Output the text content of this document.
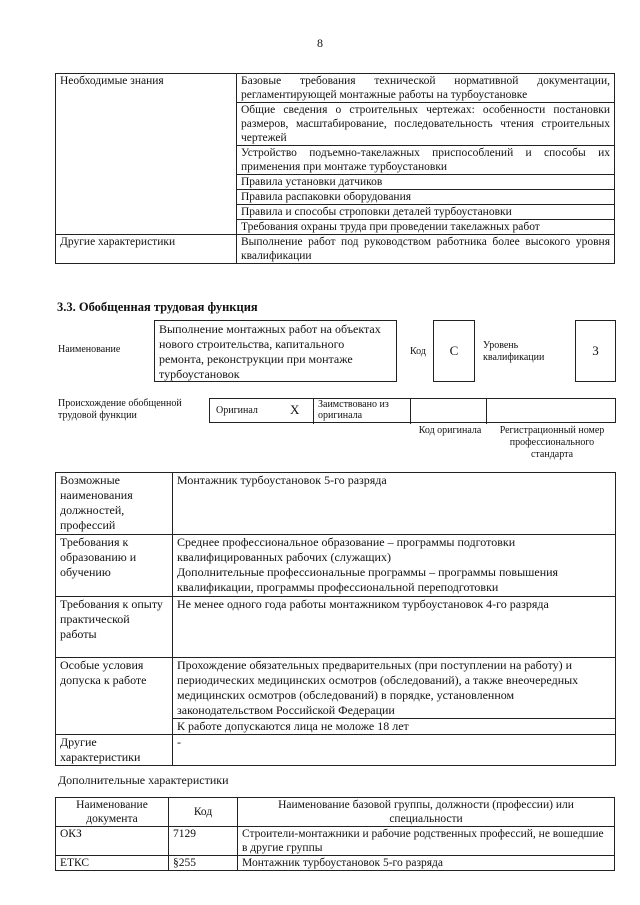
8
Необходимые знания	Базовые требования технической нормативной документации, регламентирующей монтажные работы на турбоустановке
	Общие сведения о строительных чертежах: особенности постановки размеров, масштабирование, последовательность чтения строительных чертежей
	Устройство подъемно-такелажных приспособлений и способы их применения при монтаже турбоустановки
	Правила установки датчиков
	Правила распаковки оборудования
	Правила и способы строповки деталей турбоустановки
	Требования охраны труда при проведении такелажных работ
Другие характеристики	Выполнение работ под руководством работника более высокого уровня квалификации
3.3. Обобщенная трудовая функция
Наименование
Выполнение монтажных работ на объектах нового строительства, капитального ремонта, реконструкции при монтаже турбоустановок
Код	С	Уровень квалификации	3
Происхождение обобщенной трудовой функции	Оригинал X Заимствовано из оригинала
Код оригинала	Регистрационный номер профессионального стандарта
Возможные наименования должностей, профессий	Монтажник турбоустановок 5-го разряда
Требования к образованию и обучению	Среднее профессиональное образование – программы подготовки квалифицированных рабочих (служащих)
Дополнительные профессиональные программы – программы повышения квалификации, программы профессиональной переподготовки

Требования к опыту практической работы	Не менее одного года работы монтажником турбоустановок 4-го разряда
Особые условия допуска к работе	Прохождение обязательных предварительных (при поступлении на работу) и периодических медицинских осмотров (обследований), а также внеочередных медицинских осмотров (обследований) в порядке, установленном законодательством Российской Федерации
	К работе допускаются лица не моложе 18 лет
Другие характеристики	-
Дополнительные характеристики
Наименование документа	Код	Наименование базовой группы, должности (профессии) или специальности
ОКЗ	7129	Строители-монтажники и рабочие родственных профессий, не вошедшие в другие группы
ЕТКС	§255	Монтажник турбоустановок 5-го разряда
